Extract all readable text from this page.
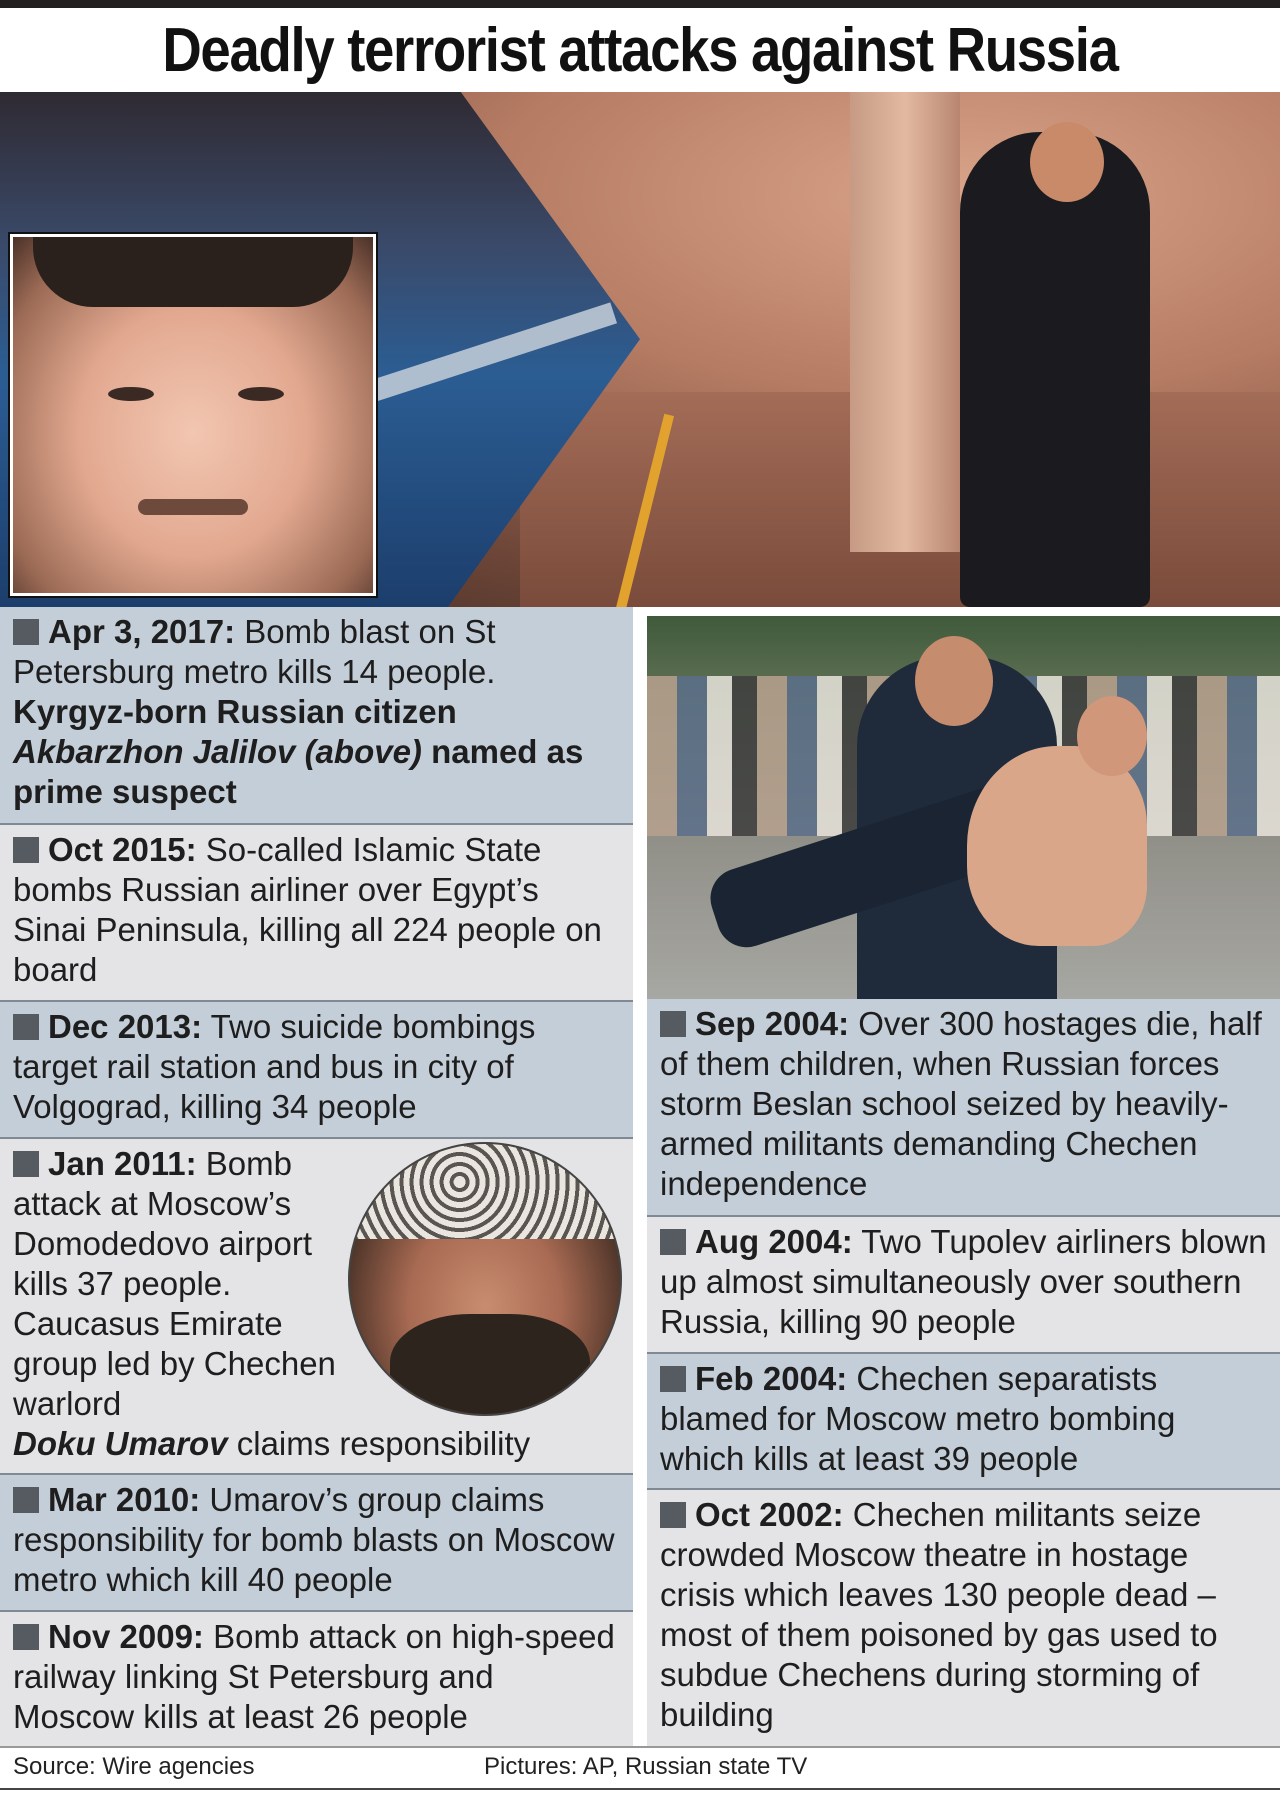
Deadly terrorist attacks against Russia
Apr 3, 2017: Bomb blast on St Petersburg metro kills 14 people. Kyrgyz-born Russian citizen Akbarzhon Jalilov (above) named as prime suspect
Oct 2015: So-called Islamic State bombs Russian airliner over Egypt’s Sinai Peninsula, killing all 224 people on board
Dec 2013: Two suicide bombings target rail station and bus in city of Volgograd, killing 34 people
Jan 2011: Bomb attack at Moscow’s Domodedovo airport kills 37 people. Caucasus Emirate group led by Chechen warlord
Doku Umarov claims responsibility
Mar 2010: Umarov’s group claims responsibility for bomb blasts on Moscow metro which kill 40 people
Nov 2009: Bomb attack on high-speed railway linking St Petersburg and Moscow kills at least 26 people
Sep 2004: Over 300 hostages die, half of them children, when Russian forces storm Beslan school seized by heavily-armed militants demanding Chechen independence
Aug 2004: Two Tupolev airliners blown up almost simultaneously over southern Russia, killing 90 people
Feb 2004: Chechen separatists blamed for Moscow metro bombing which kills at least 39 people
Oct 2002: Chechen militants seize crowded Moscow theatre in hostage crisis which leaves 130 people dead – most of them poisoned by gas used to subdue Chechens during storming of building
Source: Wire agencies	Pictures: AP, Russian state TV
